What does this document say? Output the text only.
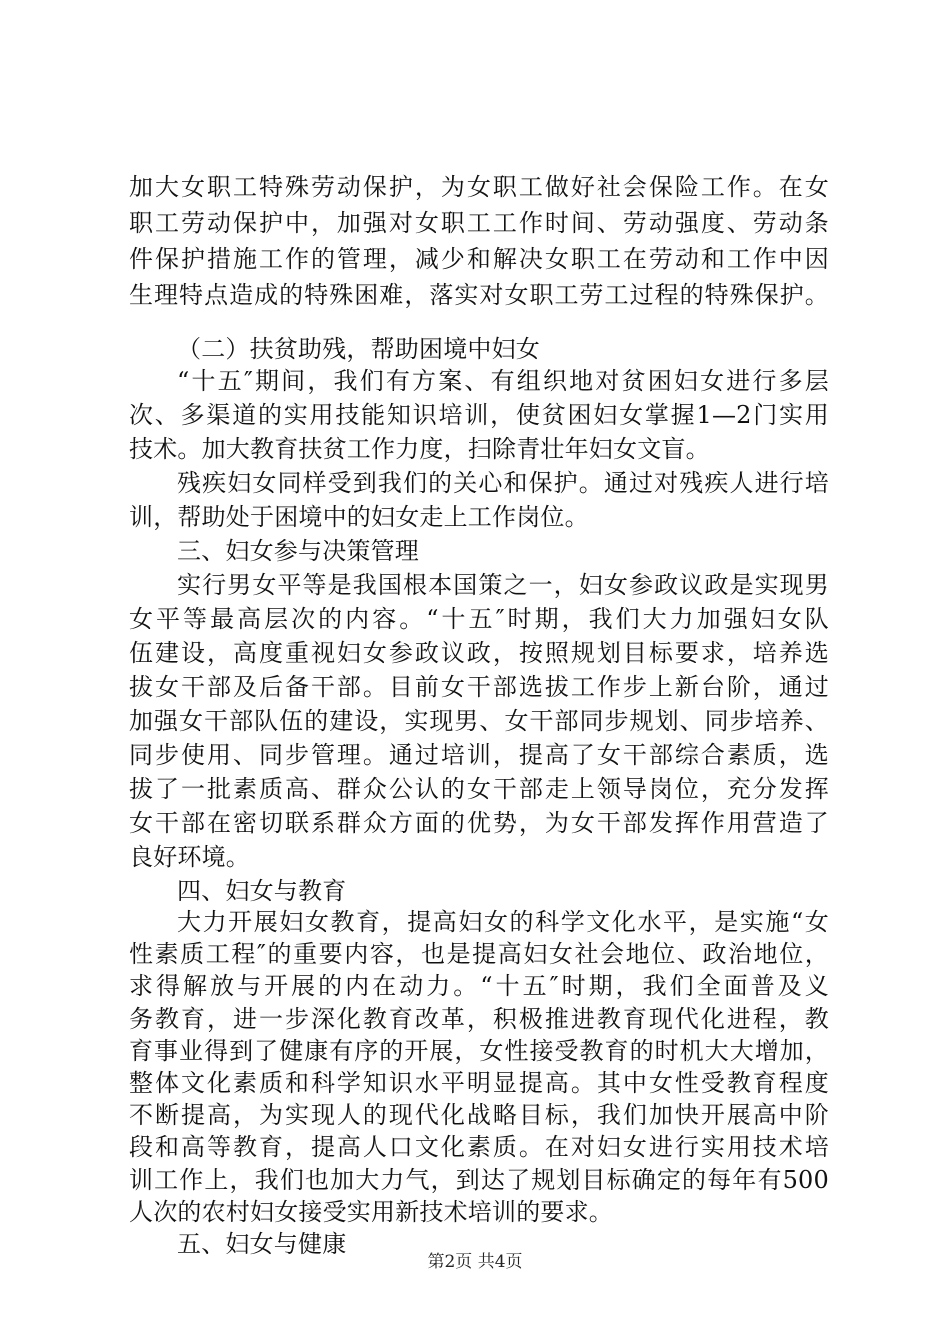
加大女职工特殊劳动保护，为女职工做好社会保险工作。在女
职工劳动保护中，加强对女职工工作时间、劳动强度、劳动条
件保护措施工作的管理，减少和解决女职工在劳动和工作中因
生理特点造成的特殊困难，落实对女职工劳工过程的特殊保护。
（二）扶贫助残，帮助困境中妇女
“十五″期间，我们有方案、有组织地对贫困妇女进行多层
次、多渠道的实用技能知识培训，使贫困妇女掌握1—2门实用
技术。加大教育扶贫工作力度，扫除青壮年妇女文盲。
残疾妇女同样受到我们的关心和保护。通过对残疾人进行培
训，帮助处于困境中的妇女走上工作岗位。
三、妇女参与决策管理
实行男女平等是我国根本国策之一，妇女参政议政是实现男
女平等最高层次的内容。“十五″时期，我们大力加强妇女队
伍建设，高度重视妇女参政议政，按照规划目标要求，培养选
拔女干部及后备干部。目前女干部选拔工作步上新台阶，通过
加强女干部队伍的建设，实现男、女干部同步规划、同步培养、
同步使用、同步管理。通过培训，提高了女干部综合素质，选
拔了一批素质高、群众公认的女干部走上领导岗位，充分发挥
女干部在密切联系群众方面的优势，为女干部发挥作用营造了
良好环境。
四、妇女与教育
大力开展妇女教育，提高妇女的科学文化水平，是实施“女
性素质工程″的重要内容，也是提高妇女社会地位、政治地位，
求得解放与开展的内在动力。“十五″时期，我们全面普及义
务教育，进一步深化教育改革，积极推进教育现代化进程，教
育事业得到了健康有序的开展，女性接受教育的时机大大增加，
整体文化素质和科学知识水平明显提高。其中女性受教育程度
不断提高，为实现人的现代化战略目标，我们加快开展高中阶
段和高等教育，提高人口文化素质。在对妇女进行实用技术培
训工作上，我们也加大力气，到达了规划目标确定的每年有500
人次的农村妇女接受实用新技术培训的要求。
第2页 共4页
五、妇女与健康
